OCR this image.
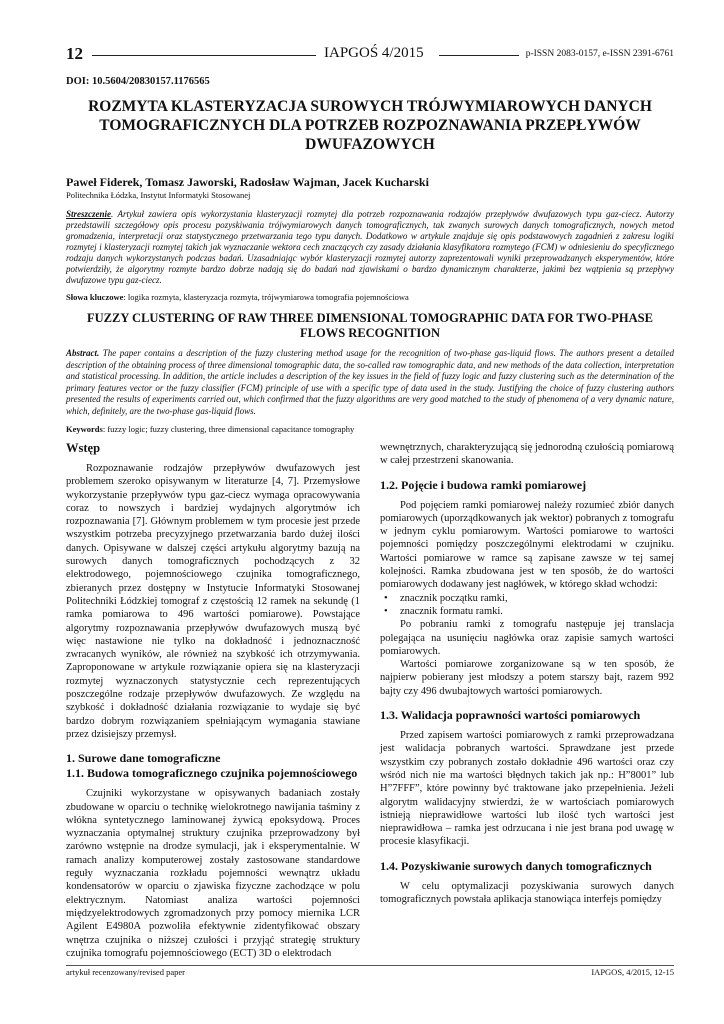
12	IAPGOŚ 4/2015	p-ISSN 2083-0157, e-ISSN 2391-6761
DOI: 10.5604/20830157.1176565
ROZMYTA KLASTERYZACJA SUROWYCH TRÓJWYMIAROWYCH DANYCH TOMOGRAFICZNYCH DLA POTRZEB ROZPOZNAWANIA PRZEPŁYWÓW DWUFAZOWYCH
Paweł Fiderek, Tomasz Jaworski, Radosław Wajman, Jacek Kucharski
Politechnika Łódzka, Instytut Informatyki Stosowanej
Streszczenie. Artykuł zawiera opis wykorzystania klasteryzacji rozmytej dla potrzeb rozpoznawania rodzajów przepływów dwufazowych typu gaz-ciecz. Autorzy przedstawili szczegółowy opis procesu pozyskiwania trójwymiarowych danych tomograficznych, tak zwanych surowych danych tomograficznych, nowych metod gromadzenia, interpretacji oraz statystycznego przetwarzania tego typu danych. Dodatkowo w artykule znajduje się opis podstawowych zagadnień z zakresu logiki rozmytej i klasteryzacji rozmytej takich jak wyznaczanie wektora cech znaczących czy zasady działania klasyfikatora rozmytego (FCM) w odniesieniu do specyficznego rodzaju danych wykorzystanych podczas badań. Uzasadniając wybór klasteryzacji rozmytej autorzy zaprezentowali wyniki przeprowadzanych eksperymentów, które potwierdziły, że algorytmy rozmyte bardzo dobrze nadają się do badań nad zjawiskami o bardzo dynamicznym charakterze, jakimi bez wątpienia są przepływy dwufazowe typu gaz-ciecz.
Słowa kluczowe: logika rozmyta, klasteryzacja rozmyta, trójwymiarowa tomografia pojemnościowa
FUZZY CLUSTERING OF RAW THREE DIMENSIONAL TOMOGRAPHIC DATA FOR TWO-PHASE FLOWS RECOGNITION
Abstract. The paper contains a description of the fuzzy clustering method usage for the recognition of two-phase gas-liquid flows. The authors present a detailed description of the obtaining process of three dimensional tomographic data, the so-called raw tomographic data, and new methods of the data collection, interpretation and statistical processing. In addition, the article includes a description of the key issues in the field of fuzzy logic and fuzzy clustering such as the determination of the primary features vector or the fuzzy classifier (FCM) principle of use with a specific type of data used in the study. Justifying the choice of fuzzy clustering authors presented the results of experiments carried out, which confirmed that the fuzzy algorithms are very good matched to the study of phenomena of a very dynamic nature, which, definitely, are the two-phase gas-liquid flows.
Keywords: fuzzy logic; fuzzy clustering, three dimensional capacitance tomography
Wstęp

Rozpoznawanie rodzajów przepływów dwufazowych jest problemem szeroko opisywanym w literaturze [4, 7]. Przemysłowe wykorzystanie przepływów typu gaz-ciecz wymaga opracowywania coraz to nowszych i bardziej wydajnych algorytmów ich rozpoznawania [7]. Głównym problemem w tym procesie jest przede wszystkim potrzeba precyzyjnego przetwarzania bardo dużej ilości danych. Opisywane w dalszej części artykułu algorytmy bazują na surowych danych tomograficznych pochodzących z 32 elektrodowego, pojemnościowego czujnika tomograficznego, zbieranych przez dostępny w Instytucie Informatyki Stosowanej Politechniki Łódzkiej tomograf z częstością 12 ramek na sekundę (1 ramka pomiarowa to 496 wartości pomiarowe). Powstające algorytmy rozpoznawania przepływów dwufazowych muszą być więc nastawione nie tylko na dokładność i jednoznaczność zwracanych wyników, ale również na szybkość ich otrzymywania. Zaproponowane w artykule rozwiązanie opiera się na klasteryzacji rozmytej wyznaczonych statystycznie cech reprezentujących poszczególne rodzaje przepływów dwufazowych. Ze względu na szybkość i dokładność działania rozwiązanie to wydaje się być bardzo dobrym rozwiązaniem spełniającym wymagania stawiane przez dzisiejszy przemysł.

1. Surowe dane tomograficzne
1.1. Budowa tomograficznego czujnika pojemnościowego

Czujniki wykorzystane w opisywanych badaniach zostały zbudowane w oparciu o technikę wielokrotnego nawijania taśminy z włókna syntetycznego laminowanej żywicą epoksydową. Proces wyznaczania optymalnej struktury czujnika przeprowadzony był zarówno wstępnie na drodze symulacji, jak i eksperymentalnie. W ramach analizy komputerowej zostały zastosowane standardowe reguły wyznaczania rozkładu pojemności wewnątrz układu kondensatorów w oparciu o zjawiska fizyczne zachodzące w polu elektrycznym. Natomiast analiza wartości pojemności międzyelektrodowych zgromadzonych przy pomocy miernika LCR Agilent E4980A pozwoliła efektywnie zidentyfikować obszary wnętrza czujnika o niższej czułości i przyjąć strategię struktury czujnika tomografu pojemnościowego (ECT) 3D o elektrodach

wewnętrznych, charakteryzującą się jednorodną czułością pomiarową w całej przestrzeni skanowania.

1.2. Pojęcie i budowa ramki pomiarowej

Pod pojęciem ramki pomiarowej należy rozumieć zbiór danych pomiarowych (uporządkowanych jak wektor) pobranych z tomografu w jednym cyklu pomiarowym. Wartości pomiarowe to wartości pojemności pomiędzy poszczególnymi elektrodami w czujniku. Wartości pomiarowe w ramce są zapisane zawsze w tej samej kolejności. Ramka zbudowana jest w ten sposób, że do wartości pomiarowych dodawany jest nagłówek, w którego skład wchodzi:

•	znacznik początku ramki,
•	znacznik formatu ramki.

Po pobraniu ramki z tomografu następuje jej translacja polegająca na usunięciu nagłówka oraz zapisie samych wartości pomiarowych.

Wartości pomiarowe zorganizowane są w ten sposób, że najpierw pobierany jest młodszy a potem starszy bajt, razem 992 bajty czy 496 dwubajtowych wartości pomiarowych.

1.3. Walidacja poprawności wartości pomiarowych

Przed zapisem wartości pomiarowych z ramki przeprowadzana jest walidacja pobranych wartości. Sprawdzane jest przede wszystkim czy pobranych zostało dokładnie 496 wartości oraz czy wśród nich nie ma wartości błędnych takich jak np.: H”8001” lub H”7FFF”, które powinny być traktowane jako przepełnienia. Jeżeli algorytm walidacyjny stwierdzi, że w wartościach pomiarowych istnieją nieprawidłowe wartości lub ilość tych wartości jest nieprawidłowa – ramka jest odrzucana i nie jest brana pod uwagę w procesie klasyfikacji.

1.4. Pozyskiwanie surowych danych tomograficznych

W celu optymalizacji pozyskiwania surowych danych tomograficznych powstała aplikacja stanowiąca interfejs pomiędzy

artykuł recenzowany/revised paper	IAPGOS, 4/2015, 12-15
